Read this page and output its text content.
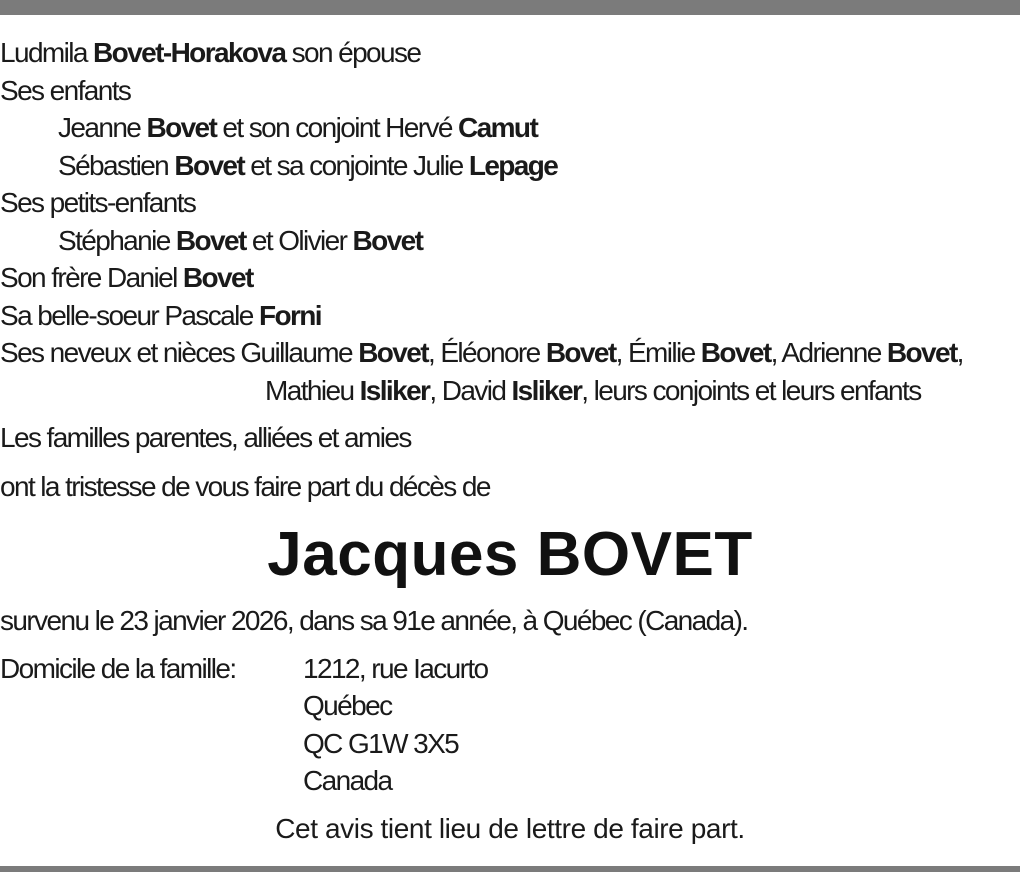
Ludmila Bovet-Horakova son épouse
Ses enfants
Jeanne Bovet et son conjoint Hervé Camut
Sébastien Bovet et sa conjointe Julie Lepage
Ses petits-enfants
Stéphanie Bovet et Olivier Bovet
Son frère Daniel Bovet
Sa belle-soeur Pascale Forni
Ses neveux et nièces Guillaume Bovet, Éléonore Bovet, Émilie Bovet, Adrienne Bovet,
Mathieu Isliker, David Isliker, leurs conjoints et leurs enfants
Les familles parentes, alliées et amies
ont la tristesse de vous faire part du décès de
Jacques BOVET
survenu le 23 janvier 2026, dans sa 91e année, à Québec (Canada).
Domicile de la famille: 1212, rue Iacurto
Québec
QC G1W 3X5
Canada
Cet avis tient lieu de lettre de faire part.
